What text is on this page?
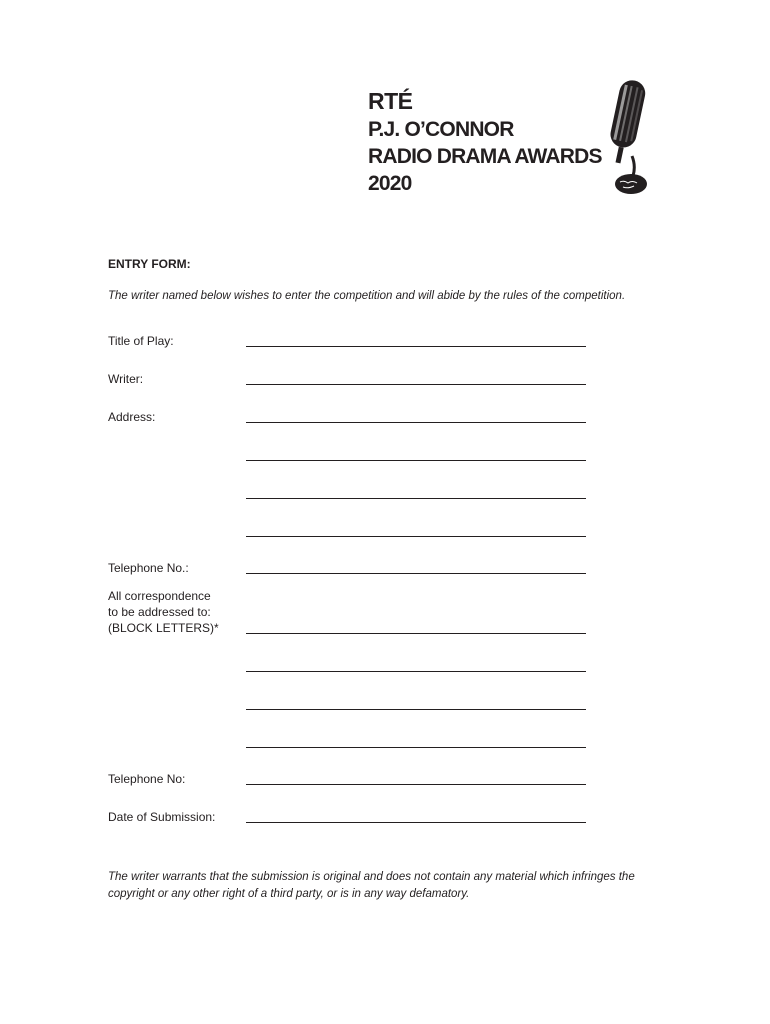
RTÉ
P.J. O’CONNOR
RADIO DRAMA AWARDS
2020
ENTRY FORM:
The writer named below wishes to enter the competition and will abide by the rules of the competition.
Title of Play:
Writer:
Address:
Telephone No.:
All correspondence
to be addressed to:
(BLOCK LETTERS)*
Telephone No:
Date of Submission:
The writer warrants that the submission is original and does not contain any material which infringes the copyright or any other right of a third party, or is in any way defamatory.
